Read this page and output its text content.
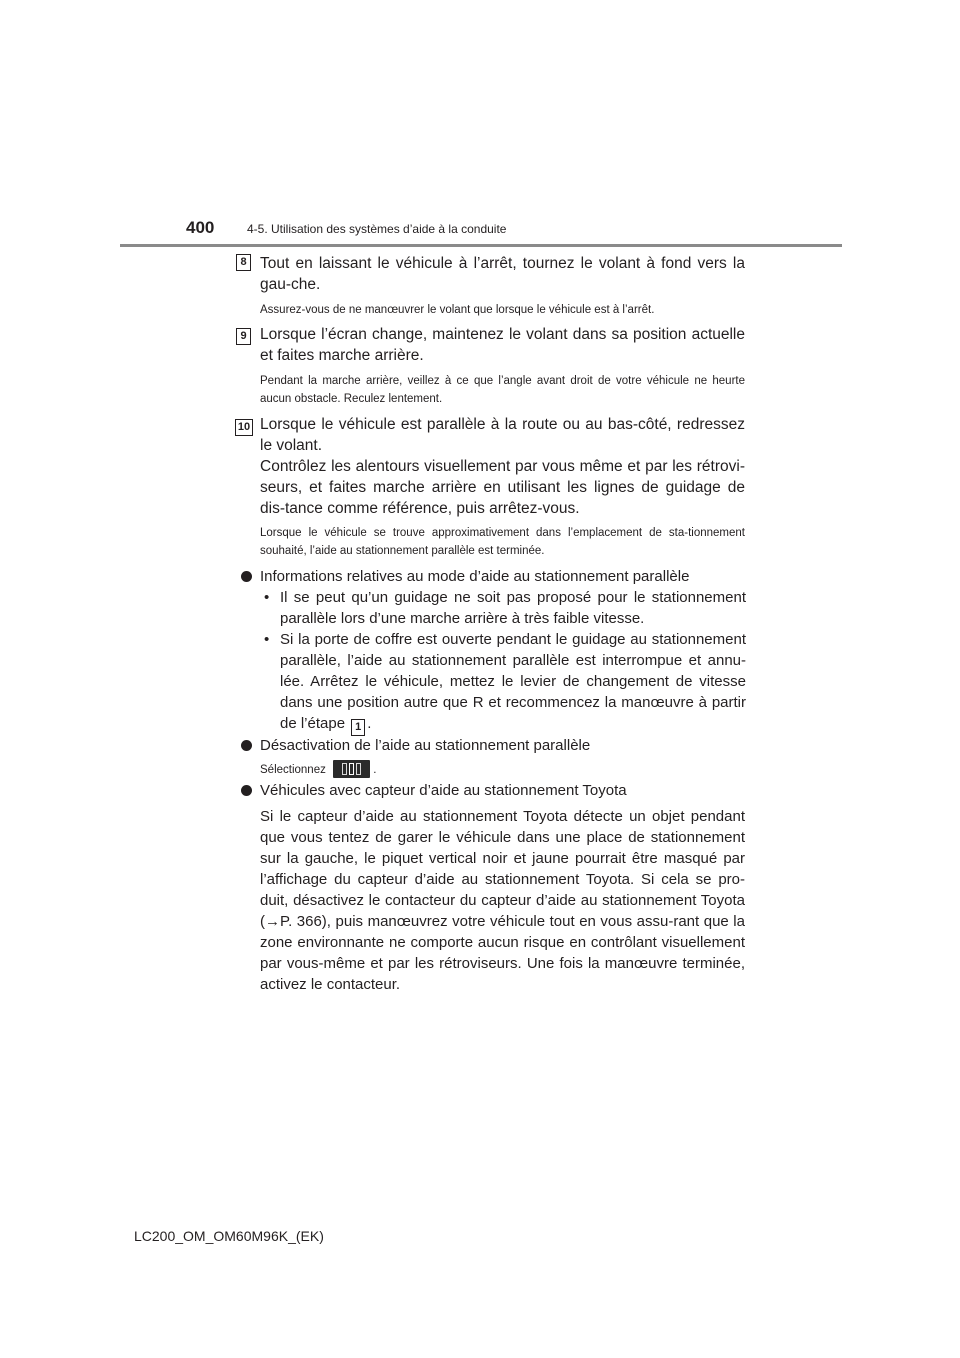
400	4-5. Utilisation des systèmes d’aide à la conduite
8 Tout en laissant le véhicule à l’arrêt, tournez le volant à fond vers la gau-che.
Assurez-vous de ne manœuvrer le volant que lorsque le véhicule est à l’arrêt.
9 Lorsque l’écran change, maintenez le volant dans sa position actuelle et faites marche arrière.
Pendant la marche arrière, veillez à ce que l’angle avant droit de votre véhicule ne heurte aucun obstacle. Reculez lentement.
10 Lorsque le véhicule est parallèle à la route ou au bas-côté, redressez le volant.
Contrôlez les alentours visuellement par vous même et par les rétrovi-seurs, et faites marche arrière en utilisant les lignes de guidage de dis-tance comme référence, puis arrêtez-vous.
Lorsque le véhicule se trouve approximativement dans l’emplacement de sta-tionnement souhaité, l’aide au stationnement parallèle est terminée.
Informations relatives au mode d’aide au stationnement parallèle
• Il se peut qu’un guidage ne soit pas proposé pour le stationnement parallèle lors d’une marche arrière à très faible vitesse.
• Si la porte de coffre est ouverte pendant le guidage au stationnement parallèle, l’aide au stationnement parallèle est interrompue et annu-lée. Arrêtez le véhicule, mettez le levier de changement de vitesse dans une position autre que R et recommencez la manœuvre à partir de l’étape 1 .
Désactivation de l’aide au stationnement parallèle
Sélectionnez	.
Véhicules avec capteur d’aide au stationnement Toyota
Si le capteur d’aide au stationnement Toyota détecte un objet pendant que vous tentez de garer le véhicule dans une place de stationnement sur la gauche, le piquet vertical noir et jaune pourrait être masqué par l’affichage du capteur d’aide au stationnement Toyota. Si cela se pro-duit, désactivez le contacteur du capteur d’aide au stationnement Toyota (→P. 366), puis manœuvrez votre véhicule tout en vous assu-rant que la zone environnante ne comporte aucun risque en contrôlant visuellement par vous-même et par les rétroviseurs. Une fois la manœuvre terminée, activez le contacteur.
LC200_OM_OM60M96K_(EK)
